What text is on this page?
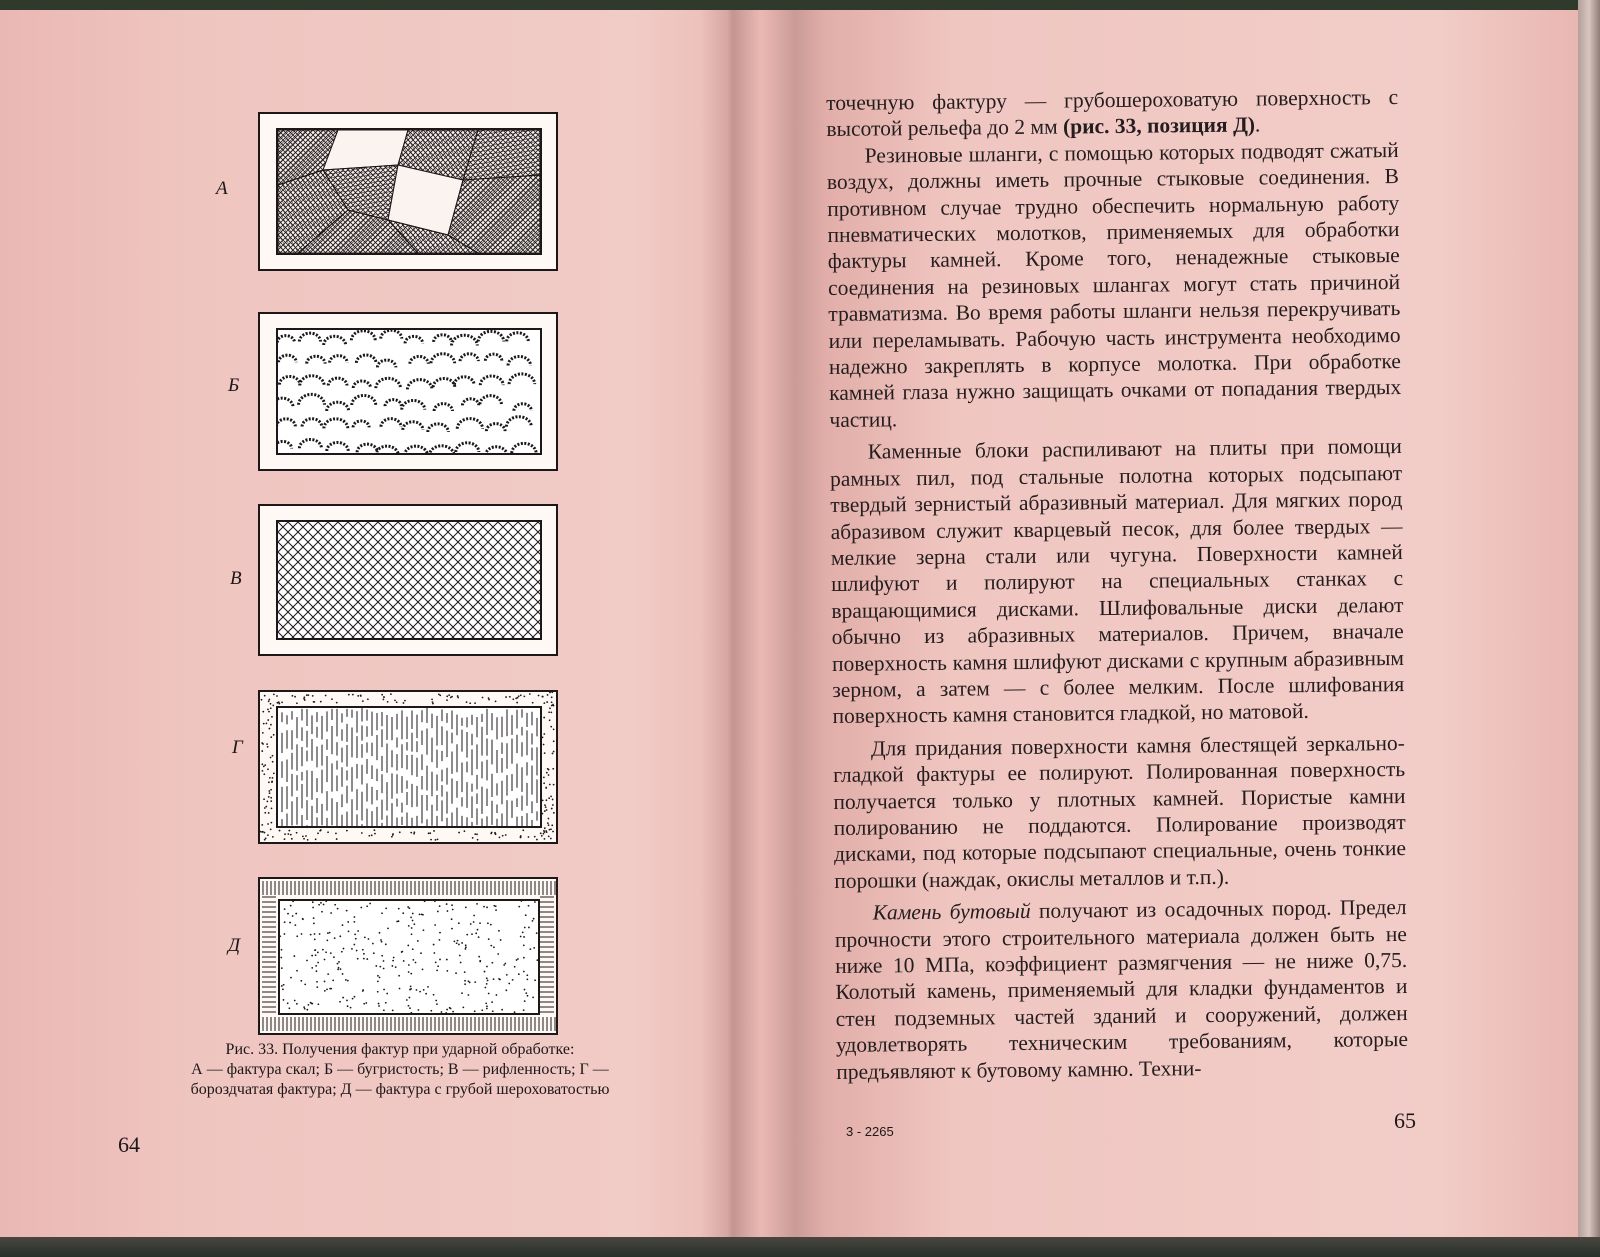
А
Б
В
Г
Д
Рис. 33. Получения фактур при ударной обработке:
А — фактура скал; Б — бугристость; В — рифленность; Г —
бороздчатая фактура; Д — фактура с грубой шероховатостью
64

точечную фактуру — грубошероховатую поверхность с высотой рельефа до 2 мм (рис. 33, позиция Д).

Резиновые шланги, с помощью которых подводят сжатый воздух, должны иметь прочные стыковые соединения. В противном случае трудно обеспечить нормальную работу пневматических молотков, применяемых для обработки фактуры камней. Кроме того, ненадежные стыковые соединения на резиновых шлангах могут стать причиной травматизма. Во время работы шланги нельзя перекручивать или переламывать. Рабочую часть инструмента необходимо надежно закреплять в корпусе молотка. При обработке камней глаза нужно защищать очками от попадания твердых частиц.

Каменные блоки распиливают на плиты при помощи рамных пил, под стальные полотна которых подсыпают твердый зернистый абразивный материал. Для мягких пород абразивом служит кварцевый песок, для более твердых — мелкие зерна стали или чугуна. Поверхности камней шлифуют и полируют на специальных станках с вращающимися дисками. Шлифовальные диски делают обычно из абразивных материалов. Причем, вначале поверхность камня шлифуют дисками с крупным абразивным зерном, а затем — с более мелким. После шлифования поверхность камня становится гладкой, но матовой.

Для придания поверхности камня блестящей зеркально-гладкой фактуры ее полируют. Полированная поверхность получается только у плотных камней. Пористые камни полированию не поддаются. Полирование производят дисками, под которые подсыпают специальные, очень тонкие порошки (наждак, окислы металлов и т.п.).

Камень бутовый получают из осадочных пород. Предел прочности этого строительного материала должен быть не ниже 10 МПа, коэффициент размягчения — не ниже 0,75. Колотый камень, применяемый для кладки фундаментов и стен подземных частей зданий и сооружений, должен удовлетворять техническим требованиям, которые предъявляют к бутовому камню. Техни-

3 - 2265	65
